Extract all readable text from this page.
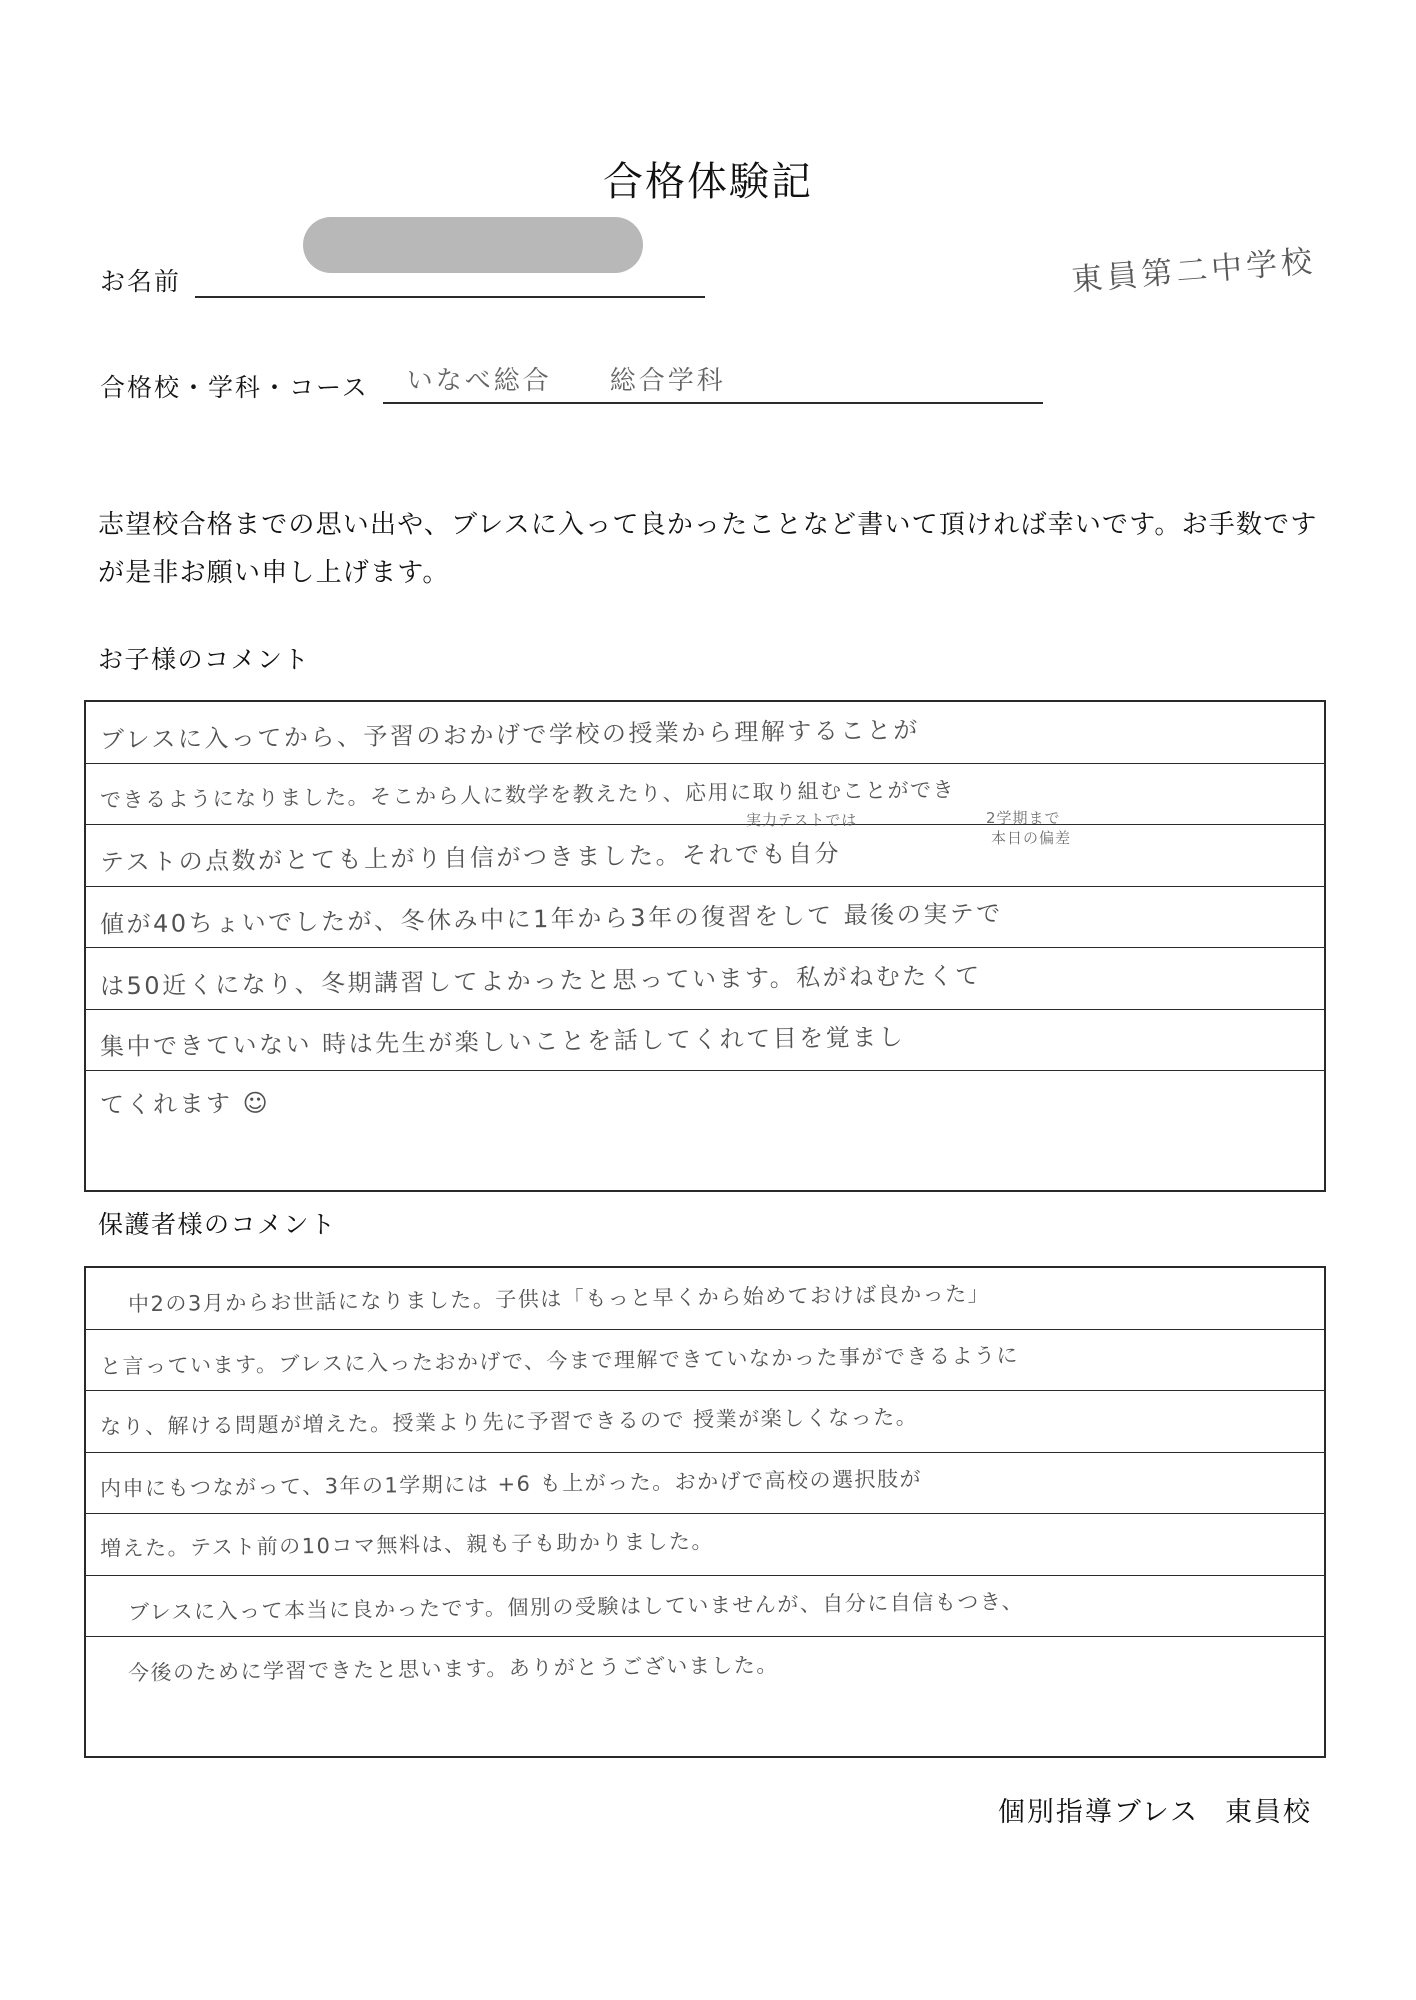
合格体験記
東員第二中学校
お名前
合格校・学科・コース いなべ総合　　総合学科
志望校合格までの思い出や、ブレスに入って良かったことなど書いて頂ければ幸いです。お手数ですが是非お願い申し上げます。
お子様のコメント
ブレスに入ってから、予習のおかげで学校の授業から理解することが
できるようになりました。そこから人に数学を教えたり、応用に取り組むことができ
テストの点数がとても上がり自信がつきました。それでも自分
実力テストでは	2学期まで
本日の偏差
値が40ちょいでしたが、冬休み中に1年から3年の復習をして 最後の実テで
は50近くになり、冬期講習してよかったと思っています。私がねむたくて
集中できていない 時は先生が楽しいことを話してくれて目を覚まし
てくれます ☺
保護者様のコメント
中2の3月からお世話になりました。子供は「もっと早くから始めておけば良かった」
と言っています。ブレスに入ったおかげで、今まで理解できていなかった事ができるように
なり、解ける問題が増えた。授業より先に予習できるので 授業が楽しくなった。
内申にもつながって、3年の1学期には +6 も上がった。おかげで高校の選択肢が
増えた。テスト前の10コマ無料は、親も子も助かりました。
ブレスに入って本当に良かったです。個別の受験はしていませんが、自分に自信もつき、
今後のために学習できたと思います。ありがとうございました。
個別指導ブレス 東員校
